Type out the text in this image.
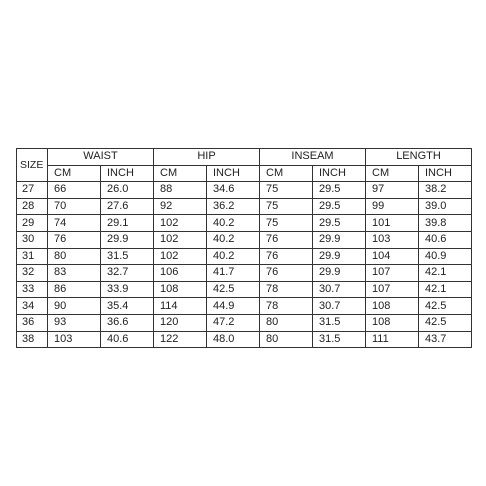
SIZE	WAIST		HIP		INSEAM		LENGTH	
	CM	INCH	CM	INCH	CM	INCH	CM	INCH
27	66	26.0	88	34.6	75	29.5	97	38.2
28	70	27.6	92	36.2	75	29.5	99	39.0
29	74	29.1	102	40.2	75	29.5	101	39.8
30	76	29.9	102	40.2	76	29.9	103	40.6
31	80	31.5	102	40.2	76	29.9	104	40.9
32	83	32.7	106	41.7	76	29.9	107	42.1
33	86	33.9	108	42.5	78	30.7	107	42.1
34	90	35.4	114	44.9	78	30.7	108	42.5
36	93	36.6	120	47.2	80	31.5	108	42.5
38	103	40.6	122	48.0	80	31.5	111	43.7
